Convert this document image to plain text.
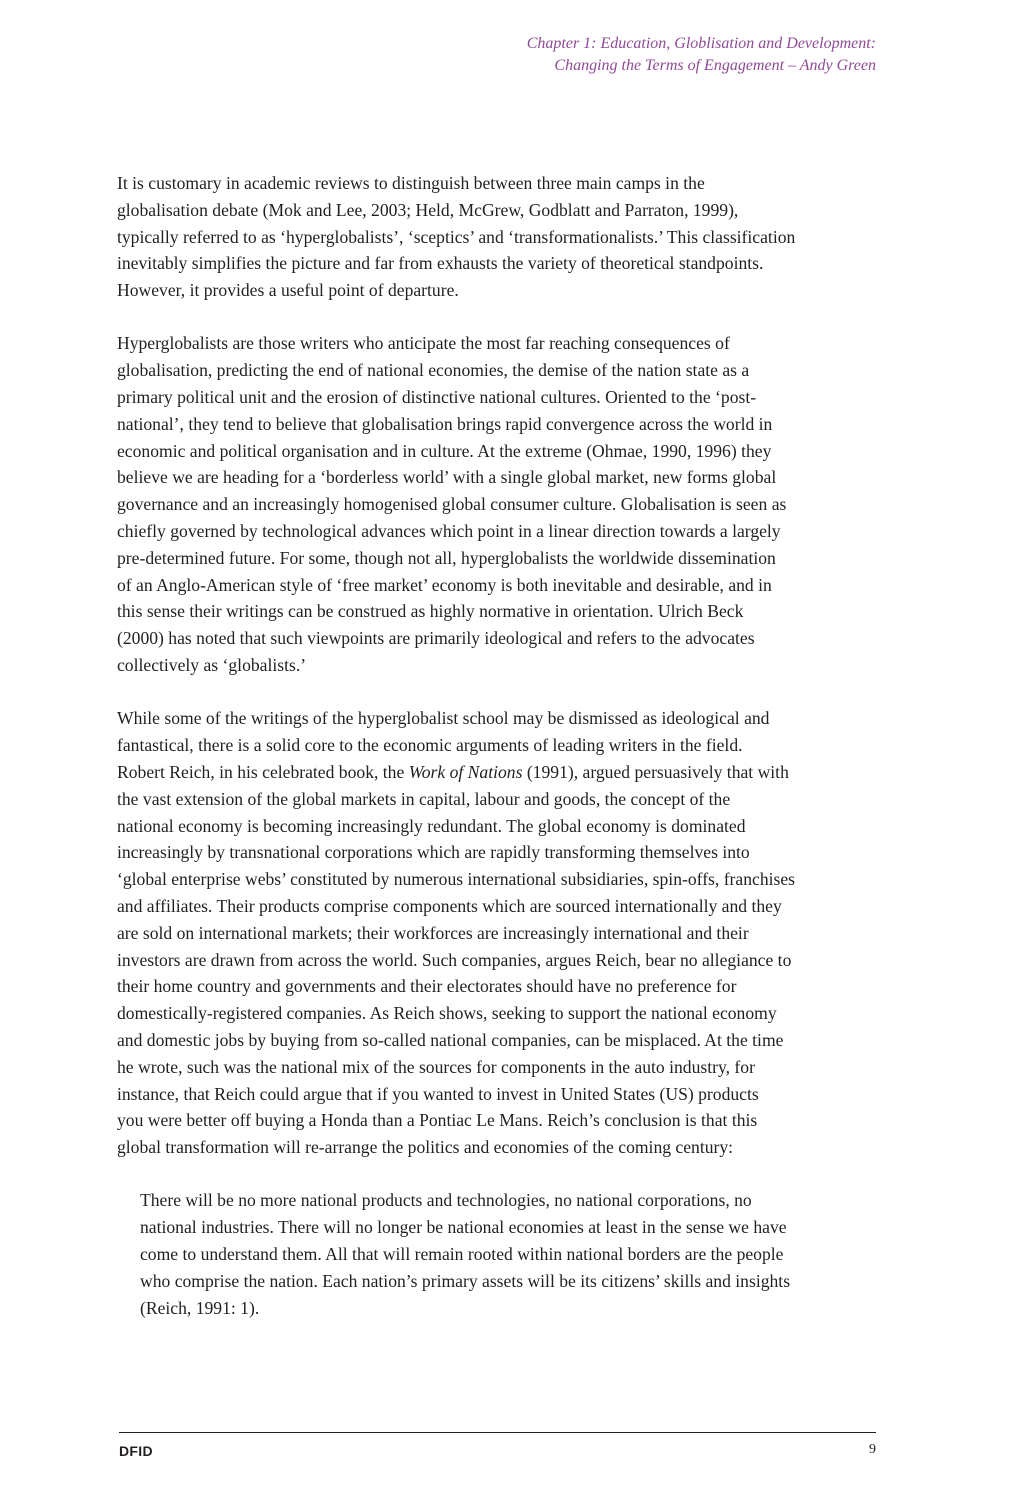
Chapter 1: Education, Globlisation and Development:
Changing the Terms of Engagement – Andy Green

It is customary in academic reviews to distinguish between three main camps in the
globalisation debate (Mok and Lee, 2003; Held, McGrew, Godblatt and Parraton, 1999),
typically referred to as ‘hyperglobalists’, ‘sceptics’ and ‘transformationalists.’ This classification
inevitably simplifies the picture and far from exhausts the variety of theoretical standpoints.
However, it provides a useful point of departure.

Hyperglobalists are those writers who anticipate the most far reaching consequences of
globalisation, predicting the end of national economies, the demise of the nation state as a
primary political unit and the erosion of distinctive national cultures. Oriented to the ‘post-
national’, they tend to believe that globalisation brings rapid convergence across the world in
economic and political organisation and in culture. At the extreme (Ohmae, 1990, 1996) they
believe we are heading for a ‘borderless world’ with a single global market, new forms global
governance and an increasingly homogenised global consumer culture. Globalisation is seen as
chiefly governed by technological advances which point in a linear direction towards a largely
pre-determined future. For some, though not all, hyperglobalists the worldwide dissemination
of an Anglo-American style of ‘free market’ economy is both inevitable and desirable, and in
this sense their writings can be construed as highly normative in orientation. Ulrich Beck
(2000) has noted that such viewpoints are primarily ideological and refers to the advocates
collectively as ‘globalists.’

While some of the writings of the hyperglobalist school may be dismissed as ideological and
fantastical, there is a solid core to the economic arguments of leading writers in the field.
Robert Reich, in his celebrated book, the Work of Nations (1991), argued persuasively that with
the vast extension of the global markets in capital, labour and goods, the concept of the
national economy is becoming increasingly redundant. The global economy is dominated
increasingly by transnational corporations which are rapidly transforming themselves into
‘global enterprise webs’ constituted by numerous international subsidiaries, spin-offs, franchises
and affiliates. Their products comprise components which are sourced internationally and they
are sold on international markets; their workforces are increasingly international and their
investors are drawn from across the world. Such companies, argues Reich, bear no allegiance to
their home country and governments and their electorates should have no preference for
domestically-registered companies. As Reich shows, seeking to support the national economy
and domestic jobs by buying from so-called national companies, can be misplaced. At the time
he wrote, such was the national mix of the sources for components in the auto industry, for
instance, that Reich could argue that if you wanted to invest in United States (US) products
you were better off buying a Honda than a Pontiac Le Mans. Reich’s conclusion is that this
global transformation will re-arrange the politics and economies of the coming century:

There will be no more national products and technologies, no national corporations, no
national industries. There will no longer be national economies at least in the sense we have
come to understand them. All that will remain rooted within national borders are the people
who comprise the nation. Each nation’s primary assets will be its citizens’ skills and insights
(Reich, 1991: 1).
DFID	9
